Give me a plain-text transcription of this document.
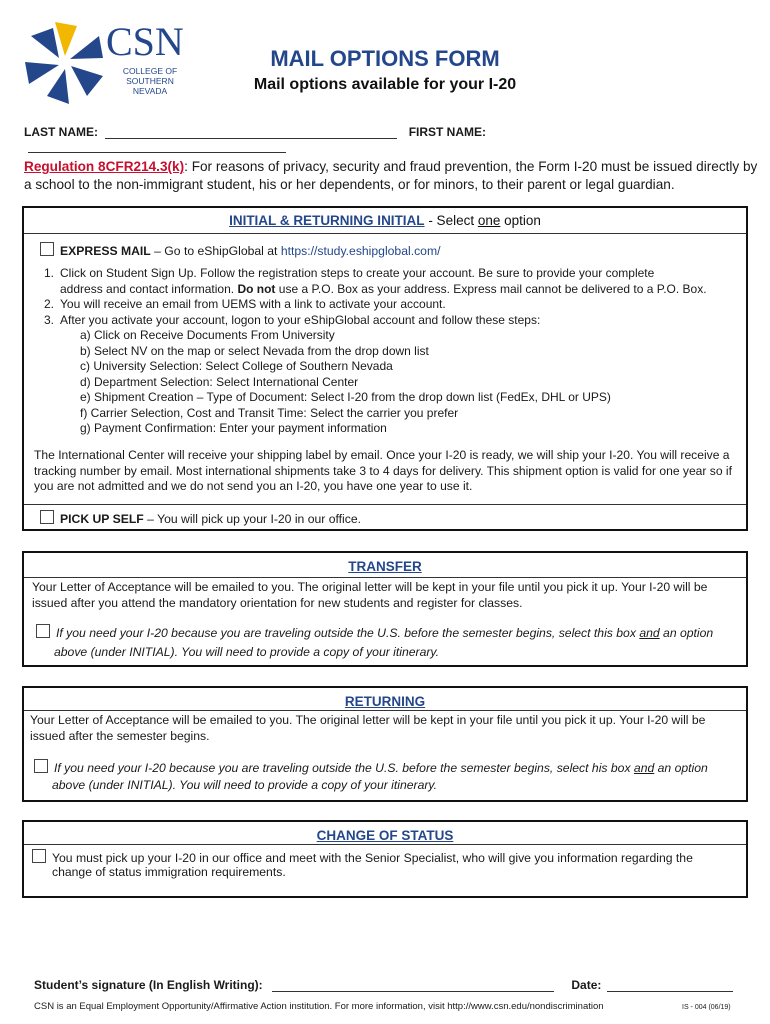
CSN
COLLEGE OF SOUTHERN NEVADA
MAIL OPTIONS FORM
Mail options available for your I-20
LAST NAME:	FIRST NAME:
Regulation 8CFR214.3(k): For reasons of privacy, security and fraud prevention, the Form I-20 must be issued directly by a school to the non-immigrant student, his or her dependents, or for minors, to their parent or legal guardian.
INITIAL & RETURNING INITIAL - Select one option
EXPRESS MAIL – Go to eShipGlobal at https://study.eshipglobal.com/
1. Click on Student Sign Up. Follow the registration steps to create your account. Be sure to provide your complete
address and contact information. Do not use a P.O. Box as your address. Express mail cannot be delivered to a P.O. Box.
2. You will receive an email from UEMS with a link to activate your account.
3. After you activate your account, logon to your eShipGlobal account and follow these steps:
a) Click on Receive Documents From University
b) Select NV on the map or select Nevada from the drop down list
c) University Selection: Select College of Southern Nevada
d) Department Selection: Select International Center
e) Shipment Creation – Type of Document: Select I-20 from the drop down list (FedEx, DHL or UPS)
f) Carrier Selection, Cost and Transit Time: Select the carrier you prefer
g) Payment Confirmation: Enter your payment information
The International Center will receive your shipping label by email. Once your I-20 is ready, we will ship your I-20. You will receive a tracking number by email. Most international shipments take 3 to 4 days for delivery. This shipment option is valid for one year so if you are not admitted and we do not send you an I-20, you have one year to use it.
PICK UP SELF – You will pick up your I-20 in our office.
TRANSFER
Your Letter of Acceptance will be emailed to you. The original letter will be kept in your file until you pick it up. Your I-20 will be issued after you attend the mandatory orientation for new students and register for classes.
If you need your I-20 because you are traveling outside the U.S. before the semester begins, select this box and an option
above (under INITIAL). You will need to provide a copy of your itinerary.
RETURNING
Your Letter of Acceptance will be emailed to you. The original letter will be kept in your file until you pick it up. Your I-20 will be issued after the semester begins.
If you need your I-20 because you are traveling outside the U.S. before the semester begins, select his box and an option
above (under INITIAL). You will need to provide a copy of your itinerary.
CHANGE OF STATUS
You must pick up your I-20 in our office and meet with the Senior Specialist, who will give you information regarding the
change of status immigration requirements.
Student’s signature (In English Writing):	Date:
CSN is an Equal Employment Opportunity/Affirmative Action institution. For more information, visit http://www.csn.edu/nondiscrimination	IS - 004 (06/19)
